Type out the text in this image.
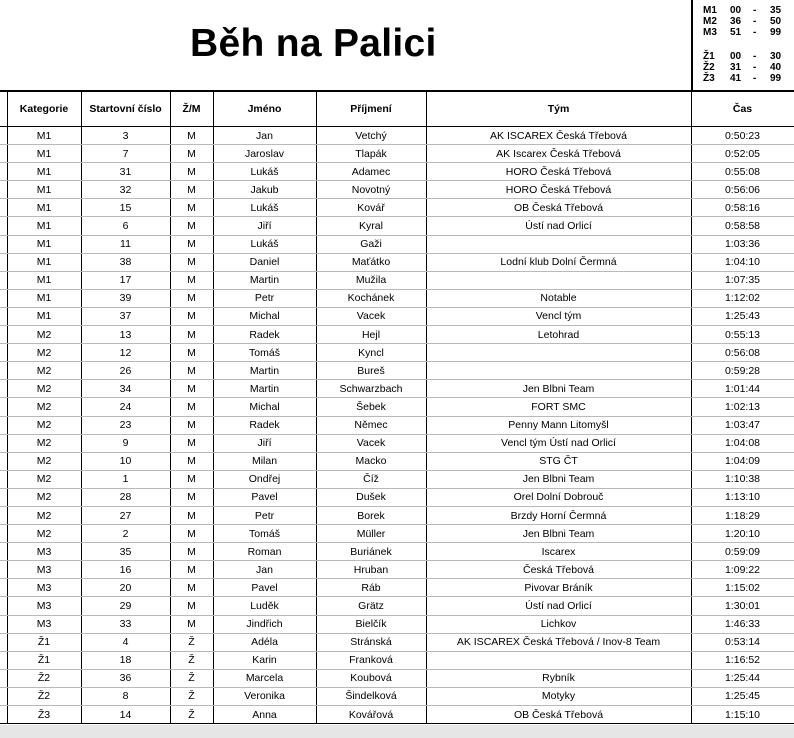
Běh na Palici
M1 00 - 35
M2 36 - 50
M3 51 - 99
Ž1 00 - 30
Ž2 31 - 40
Ž3 41 - 99
	Kategorie	Startovní číslo	Ž/M	Jméno	Příjmení	Tým	Čas
	M1	3	M	Jan	Vetchý	AK ISCAREX Česká Třebová	0:50:23
	M1	7	M	Jaroslav	Tlapák	AK Iscarex Česká Třebová	0:52:05
	M1	31	M	Lukáš	Adamec	HORO Česká Třebová	0:55:08
	M1	32	M	Jakub	Novotný	HORO Česká Třebová	0:56:06
	M1	15	M	Lukáš	Kovář	OB Česká Třebová	0:58:16
	M1	6	M	Jiří	Kyral	Ústí nad Orlicí	0:58:58
	M1	11	M	Lukáš	Gaži		1:03:36
	M1	38	M	Daniel	Maťátko	Lodní klub Dolní Čermná	1:04:10
	M1	17	M	Martin	Mužila		1:07:35
	M1	39	M	Petr	Kochánek	Notable	1:12:02
	M1	37	M	Michal	Vacek	Vencl tým	1:25:43
	M2	13	M	Radek	Hejl	Letohrad	0:55:13
	M2	12	M	Tomáš	Kyncl		0:56:08
	M2	26	M	Martin	Bureš		0:59:28
	M2	34	M	Martin	Schwarzbach	Jen Blbni Team	1:01:44
	M2	24	M	Michal	Šebek	FORT SMC	1:02:13
	M2	23	M	Radek	Němec	Penny Mann Litomyšl	1:03:47
	M2	9	M	Jiří	Vacek	Vencl tým Ústí nad Orlicí	1:04:08
	M2	10	M	Milan	Macko	STG ČT	1:04:09
	M2	1	M	Ondřej	Číž	Jen Blbni Team	1:10:38
	M2	28	M	Pavel	Dušek	Orel Dolní Dobrouč	1:13:10
	M2	27	M	Petr	Borek	Brzdy Horní Čermná	1:18:29
	M2	2	M	Tomáš	Müller	Jen Blbni Team	1:20:10
	M3	35	M	Roman	Buriánek	Iscarex	0:59:09
	M3	16	M	Jan	Hruban	Česká Třebová	1:09:22
	M3	20	M	Pavel	Ráb	Pivovar Bráník	1:15:02
	M3	29	M	Luděk	Grätz	Ústí nad Orlicí	1:30:01
	M3	33	M	Jindřich	Bielčík	Lichkov	1:46:33
	Ž1	4	Ž	Adéla	Stránská	AK ISCAREX Česká Třebová / Inov-8 Team	0:53:14
	Ž1	18	Ž	Karin	Franková		1:16:52
	Ž2	36	Ž	Marcela	Koubová	Rybník	1:25:44
	Ž2	8	Ž	Veronika	Šindelková	Motyky	1:25:45
	Ž3	14	Ž	Anna	Kovářová	OB Česká Třebová	1:15:10
